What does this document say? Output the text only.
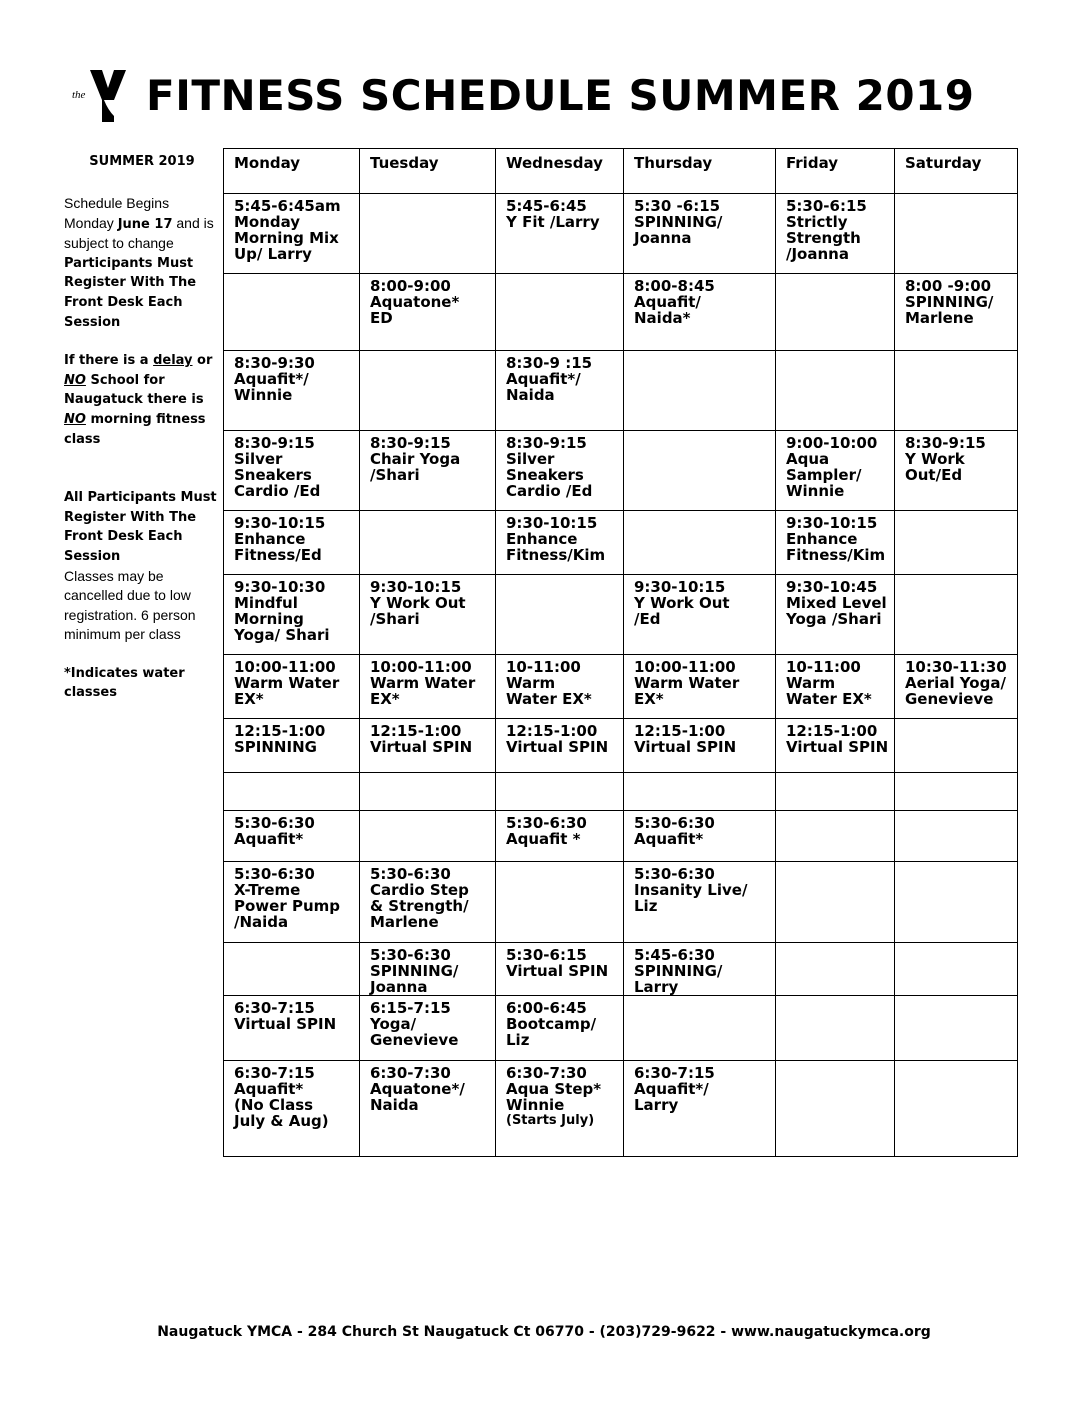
the FITNESS SCHEDULE SUMMER 2019

SUMMER 2019

Schedule Begins Monday June 17 and is subject to change

Participants Must Register With The Front Desk Each Session

If there is a delay or NO School for Naugatuck there is NO morning fitness class

All Participants Must Register With The Front Desk Each Session

Classes may be cancelled due to low registration. 6 person minimum per class

*Indicates water classes

Monday	Tuesday	Wednesday	Thursday	Friday	Saturday

5:45-6:45am
Monday
Morning Mix
Up/ Larry		5:45-6:45
Y Fit /Larry	5:30 -6:15
SPINNING/
Joanna	5:30-6:15
Strictly
Strength
/Joanna	

	8:00-9:00
Aquatone*
ED		8:00-8:45
Aquafit/
Naida*		8:00 -9:00
SPINNING/
Marlene

8:30-9:30
Aquafit*/
Winnie		8:30-9 :15
Aquafit*/
Naida			

8:30-9:15
Silver
Sneakers
Cardio /Ed	8:30-9:15
Chair Yoga
/Shari	8:30-9:15
Silver
Sneakers
Cardio /Ed		9:00-10:00
Aqua
Sampler/
Winnie	8:30-9:15
Y Work
Out/Ed

9:30-10:15
Enhance
Fitness/Ed		9:30-10:15
Enhance
Fitness/Kim		9:30-10:15
Enhance
Fitness/Kim	

9:30-10:30
Mindful
Morning
Yoga/ Shari	9:30-10:15
Y Work Out
/Shari		9:30-10:15
Y Work Out
/Ed	9:30-10:45
Mixed Level
Yoga /Shari	

10:00-11:00
Warm Water
EX*	10:00-11:00
Warm Water
EX*	10-11:00
Warm
Water EX*	10:00-11:00
Warm Water
EX*	10-11:00
Warm
Water EX*	10:30-11:30
Aerial Yoga/
Genevieve

12:15-1:00
SPINNING	12:15-1:00
Virtual SPIN	12:15-1:00
Virtual SPIN	12:15-1:00
Virtual SPIN	12:15-1:00
Virtual SPIN	

5:30-6:30
Aquafit*		5:30-6:30
Aquafit *	5:30-6:30
Aquafit*		

5:30-6:30
X-Treme
Power Pump
/Naida	5:30-6:30
Cardio Step
& Strength/
Marlene		5:30-6:30
Insanity Live/
Liz		

	5:30-6:30
SPINNING/
Joanna	5:30-6:15
Virtual SPIN	5:45-6:30
SPINNING/
Larry		

6:30-7:15
Virtual SPIN	6:15-7:15
Yoga/
Genevieve	6:00-6:45
Bootcamp/
Liz			

6:30-7:15
Aquafit*
(No Class
July & Aug)	6:30-7:30
Aquatone*/
Naida	6:30-7:30
Aqua Step*
Winnie
(Starts July)	6:30-7:15
Aquafit*/
Larry		

Naugatuck YMCA - 284 Church St Naugatuck Ct 06770 - (203)729-9622 - www.naugatuckymca.org
